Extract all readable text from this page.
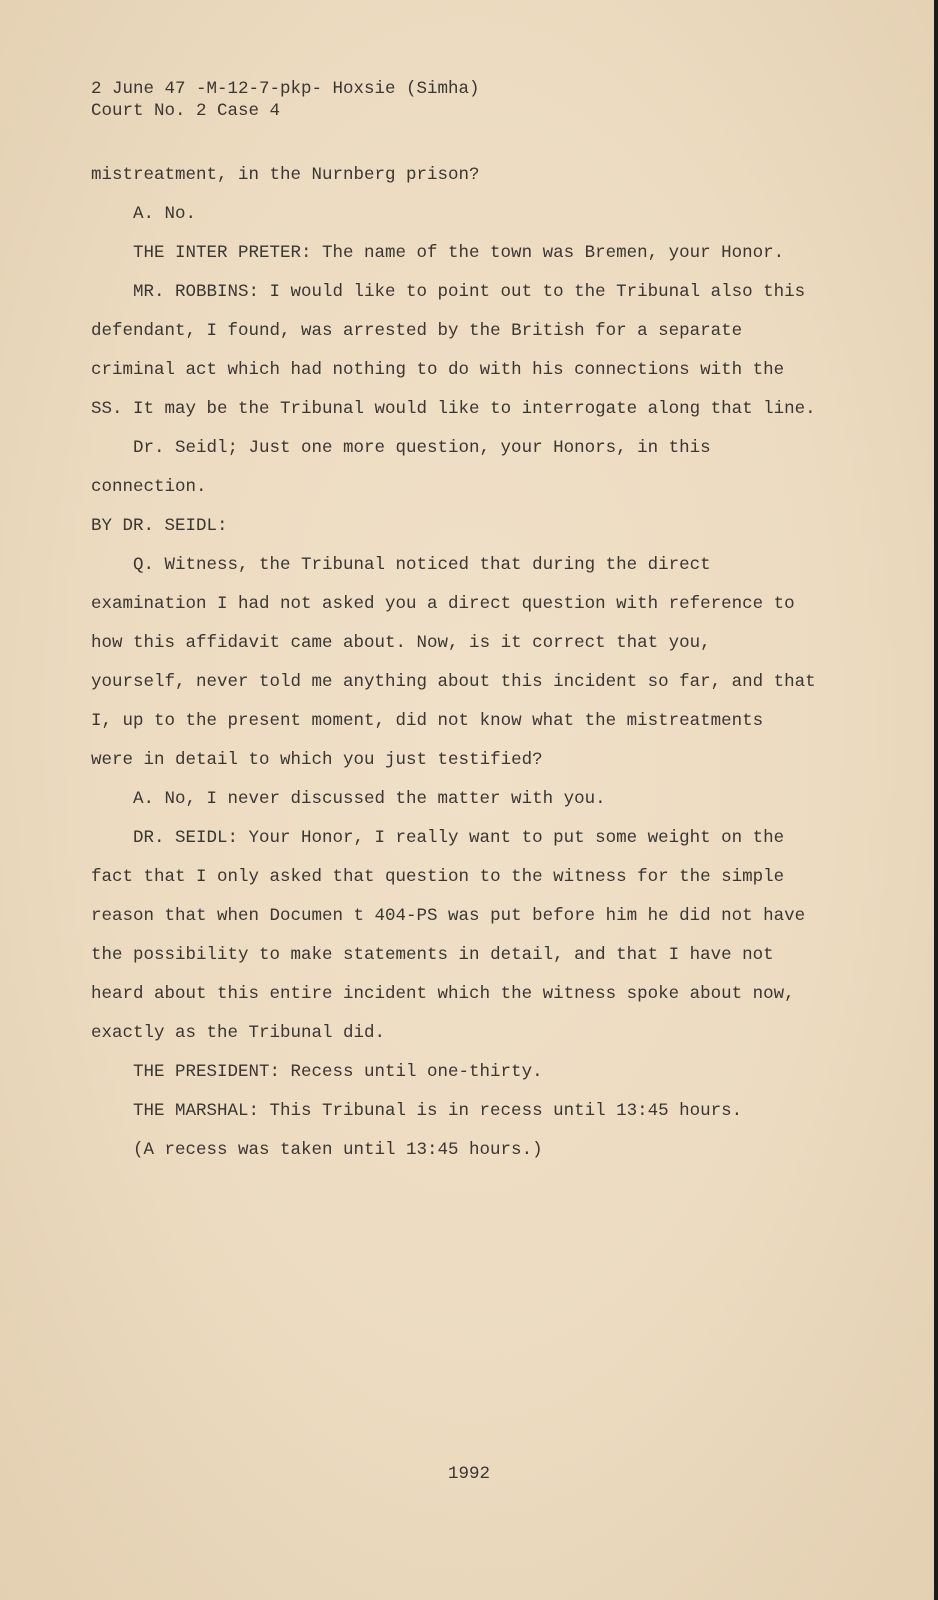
2 June 47 -M-12-7-pkp- Hoxsie (Simha)
Court No. 2 Case 4
mistreatment, in the Nurnberg prison?
A. No.
THE INTER PRETER: The name of the town was Bremen, your Honor.
MR. ROBBINS: I would like to point out to the Tribunal also this
defendant, I found, was arrested by the British for a separate
criminal act which had nothing to do with his connections with the
SS. It may be the Tribunal would like to interrogate along that line.
Dr. Seidl; Just one more question, your Honors, in this
connection.
BY DR. SEIDL:
Q. Witness, the Tribunal noticed that during the direct
examination I had not asked you a direct question with reference to
how this affidavit came about. Now, is it correct that you,
yourself, never told me anything about this incident so far, and that
I, up to the present moment, did not know what the mistreatments
were in detail to which you just testified?
A. No, I never discussed the matter with you.
DR. SEIDL: Your Honor, I really want to put some weight on the
fact that I only asked that question to the witness for the simple
reason that when Documen t 404-PS was put before him he did not have
the possibility to make statements in detail, and that I have not
heard about this entire incident which the witness spoke about now,
exactly as the Tribunal did.
THE PRESIDENT: Recess until one-thirty.
THE MARSHAL: This Tribunal is in recess until 13:45 hours.
(A recess was taken until 13:45 hours.)
1992
